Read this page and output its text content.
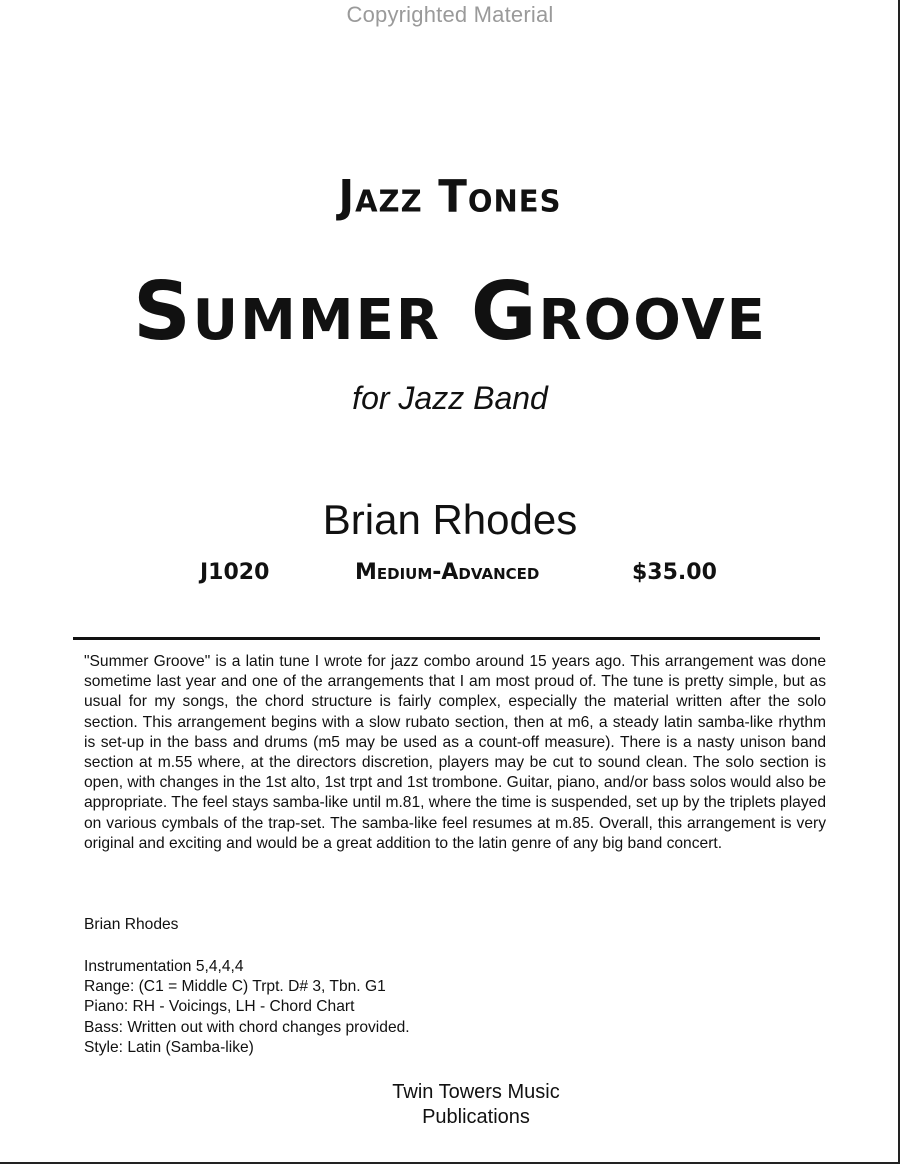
Copyrighted Material
Jazz Tones
Summer Groove
for Jazz Band
Brian Rhodes
J1020	Medium-Advanced	$35.00

"Summer Groove" is a latin tune I wrote for jazz combo around 15 years ago. This arrangement was done sometime last year and one of the arrangements that I am most proud of. The tune is pretty simple, but as usual for my songs, the chord structure is fairly complex, especially the material written after the solo section. This arrangement begins with a slow rubato section, then at m6, a steady latin samba-like rhythm is set-up in the bass and drums (m5 may be used as a count-off measure). There is a nasty unison band section at m.55 where, at the directors discretion, players may be cut to sound clean. The solo section is open, with changes in the 1st alto, 1st trpt and 1st trombone. Guitar, piano, and/or bass solos would also be appropriate. The feel stays samba-like until m.81, where the time is suspended, set up by the triplets played on various cymbals of the trap-set. The samba-like feel resumes at m.85. Overall, this arrangement is very original and exciting and would be a great addition to the latin genre of any big band concert.

Brian Rhodes
Instrumentation 5,4,4,4
Range: (C1 = Middle C) Trpt. D# 3, Tbn. G1
Piano: RH - Voicings, LH - Chord Chart
Bass: Written out with chord changes provided.
Style: Latin (Samba-like)
Twin Towers Music
Publications
